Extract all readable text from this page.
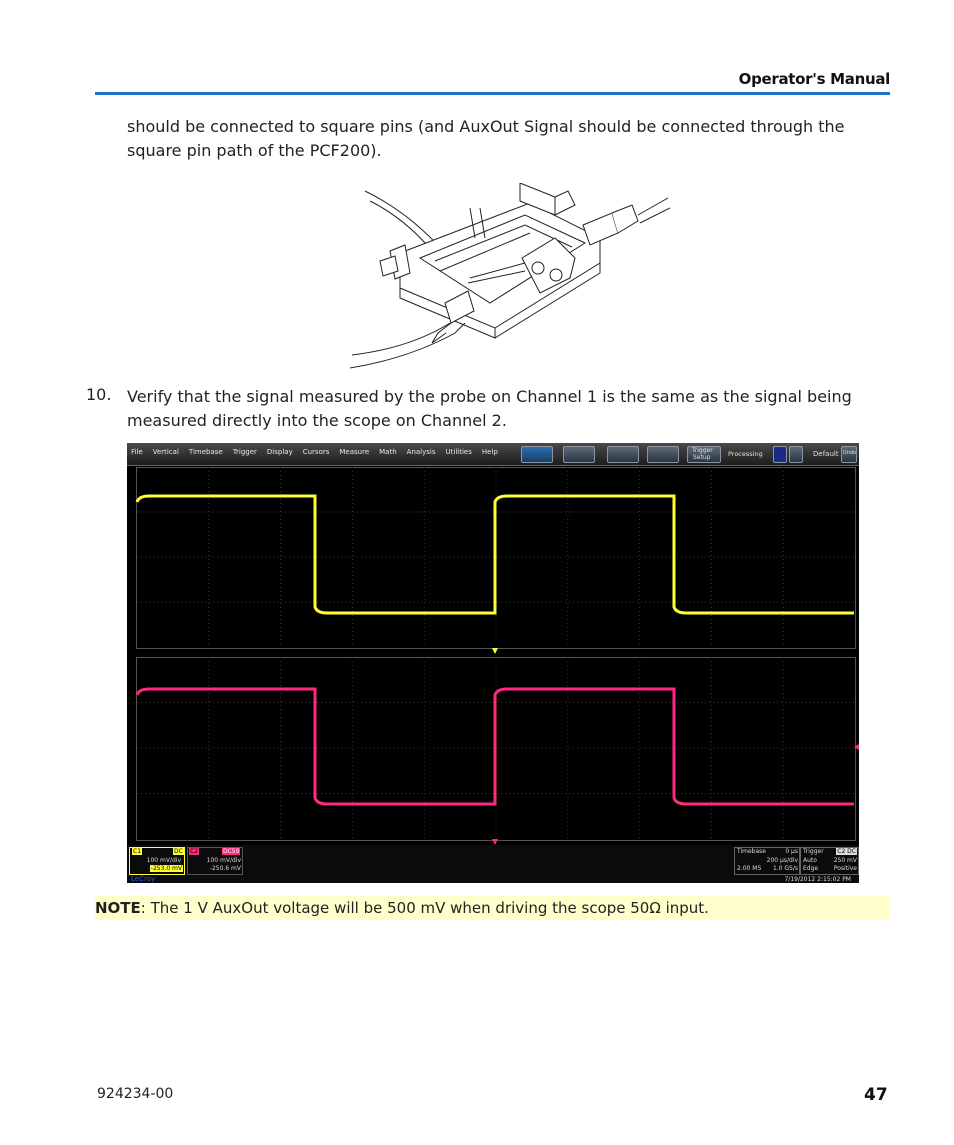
Operator's Manual
should be connected to square pins (and AuxOut Signal should be connected through the square pin path of the PCF200).
10. Verify that the signal measured by the probe on Channel 1 is the same as the signal being measured directly into the scope on Channel 2.
File Vertical Timebase Trigger Display Cursors Measure Math Analysis Utilities Help	Trigger
Setup	Processing	Default Undo
C1	DC
100 mV/div
-253.0 mV
C2	DC50
100 mV/div
-250.6 mV
LeCroy
Timebase	0 µs
200 µs/div
2.00 MS 1.0 GS/s
Trigger C2 DC
Auto	250 mV
Edge	Positive
7/19/2012 2:15:02 PM
NOTE: The 1 V AuxOut voltage will be 500 mV when driving the scope 50Ω input.
924234-00	47
